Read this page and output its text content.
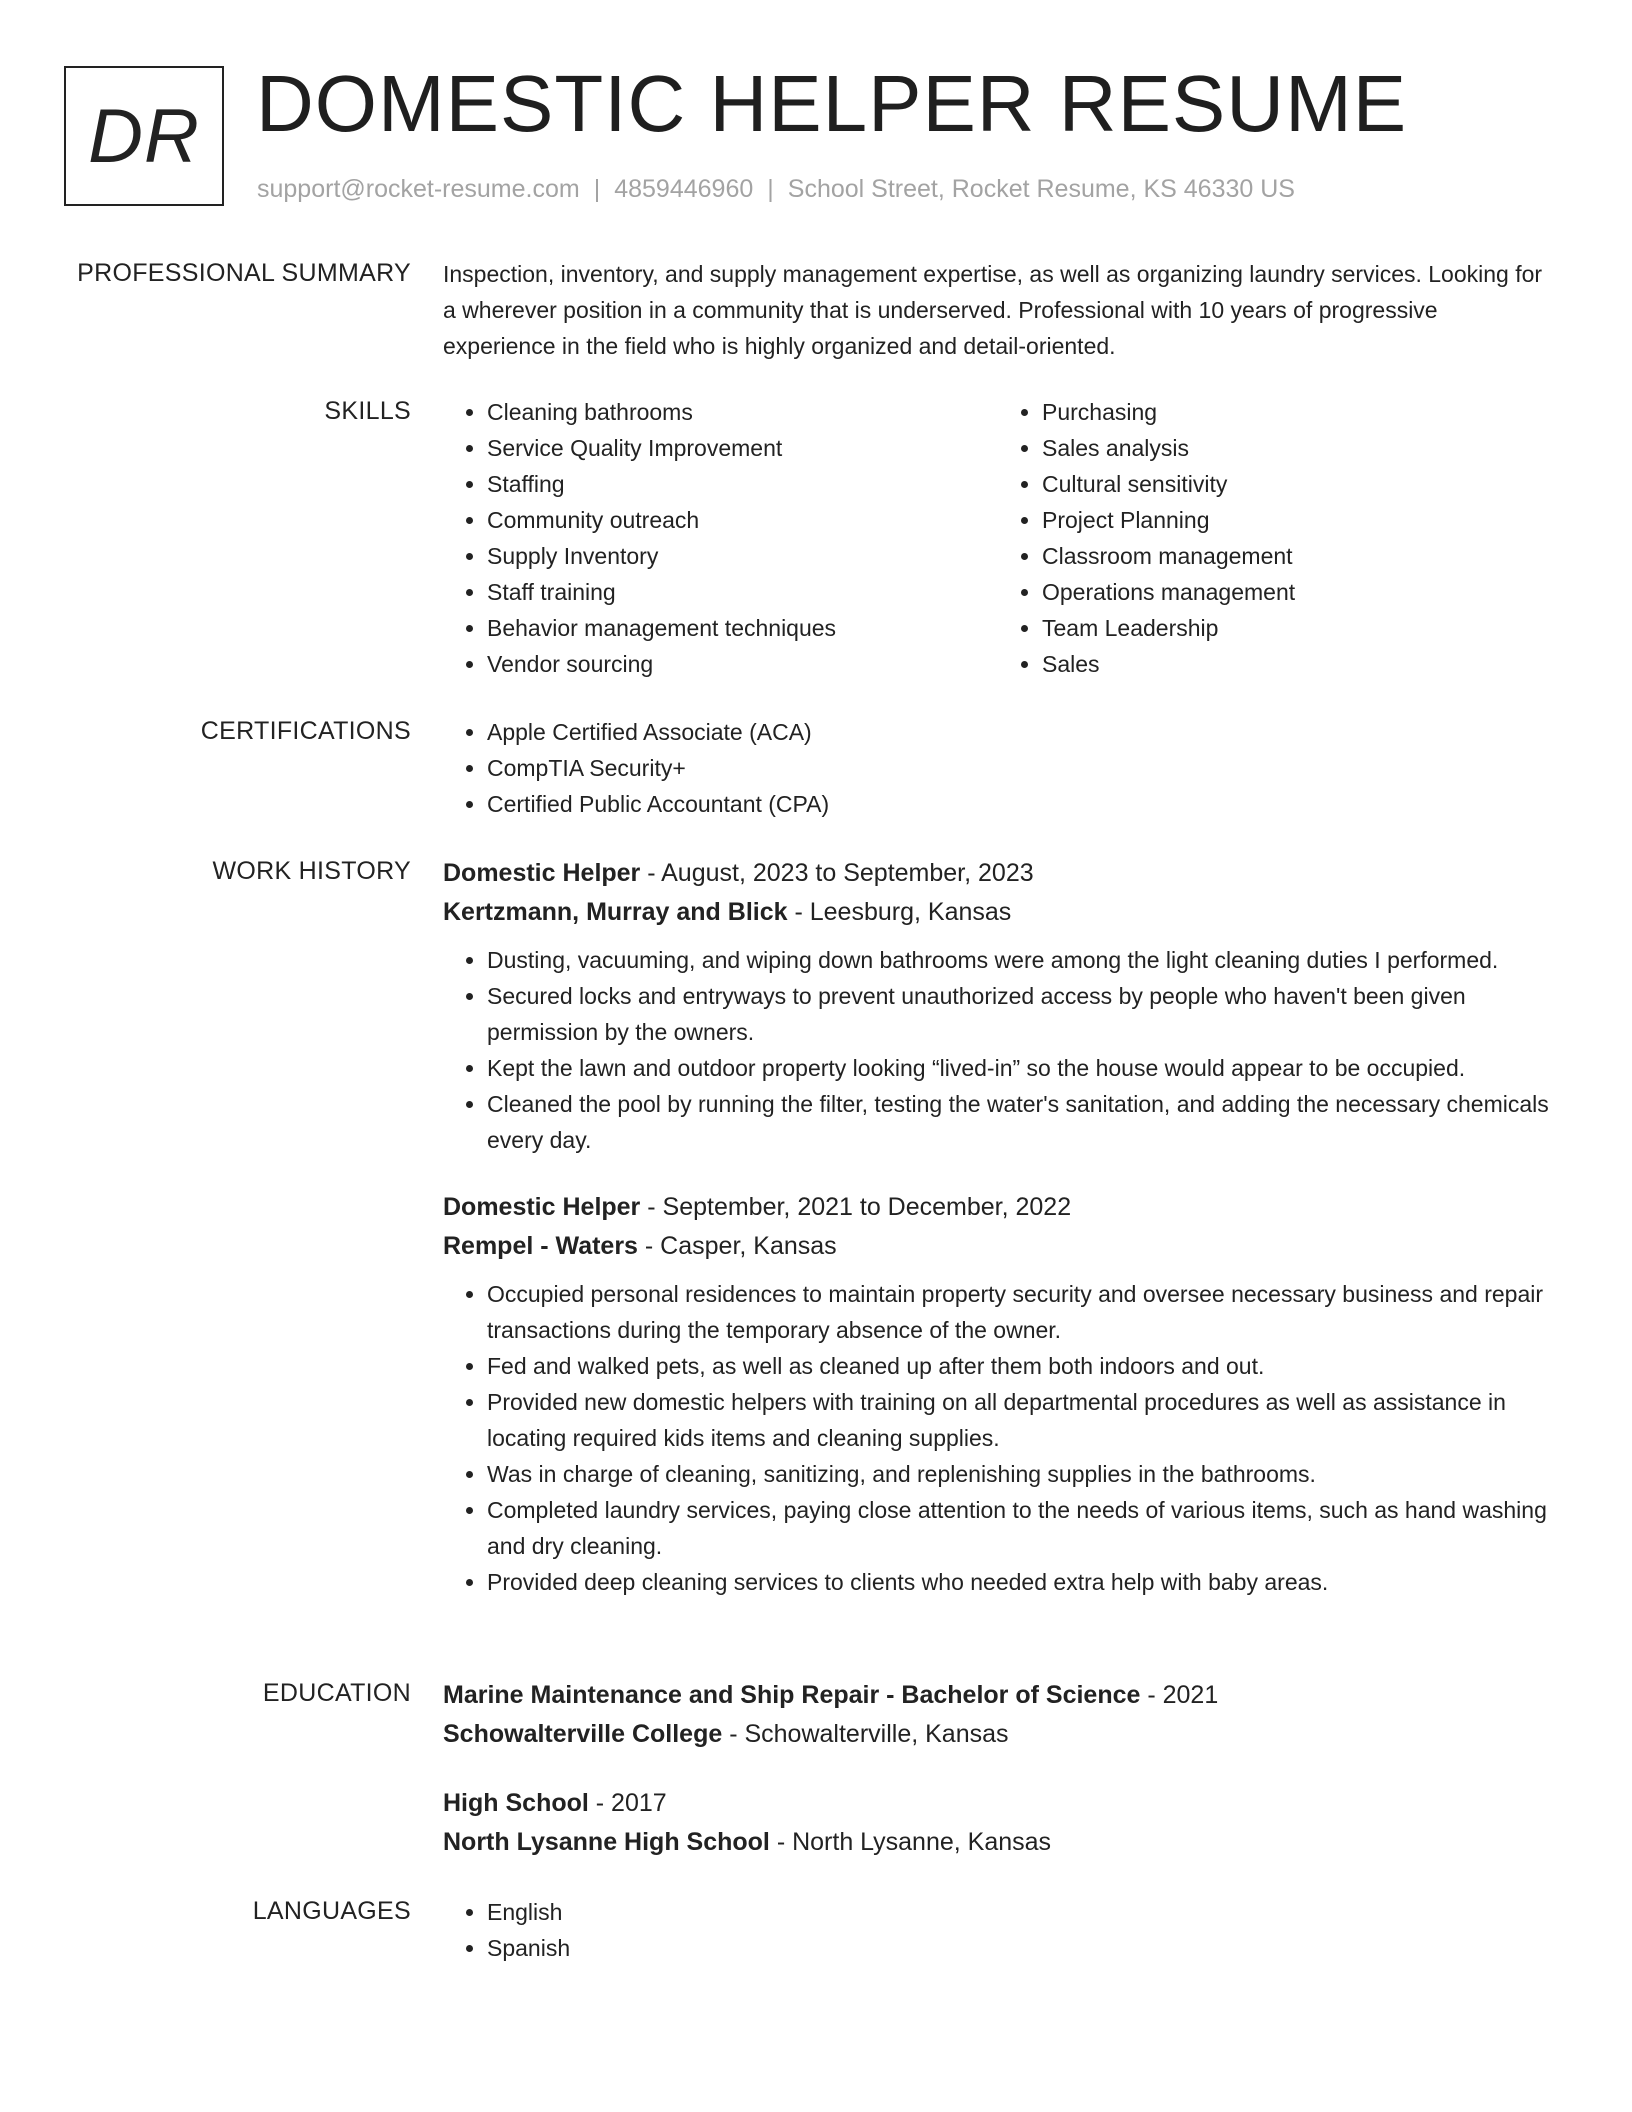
DR DOMESTIC HELPER RESUME
support@rocket-resume.com | 4859446960 | School Street, Rocket Resume, KS 46330 US
PROFESSIONAL SUMMARY Inspection, inventory, and supply management expertise, as well as organizing laundry services. Looking for a wherever position in a community that is underserved. Professional with 10 years of progressive experience in the field who is highly organized and detail-oriented.

SKILLS	• Cleaning bathrooms
• Service Quality Improvement
• Staffing
• Community outreach
• Supply Inventory
• Staff training
• Behavior management techniques
• Vendor sourcing
• Purchasing
• Sales analysis
• Cultural sensitivity
• Project Planning
• Classroom management
• Operations management
• Team Leadership
• Sales
CERTIFICATIONS	• Apple Certified Associate (ACA)
• CompTIA Security+
• Certified Public Accountant (CPA)
WORK HISTORY Domestic Helper - August, 2023 to September, 2023
Kertzmann, Murray and Blick - Leesburg, Kansas
• Dusting, vacuuming, and wiping down bathrooms were among the light cleaning duties I performed.
• Secured locks and entryways to prevent unauthorized access by people who haven't been given permission by the owners.
• Kept the lawn and outdoor property looking “lived-in” so the house would appear to be occupied.
• Cleaned the pool by running the filter, testing the water's sanitation, and adding the necessary chemicals every day.
Domestic Helper - September, 2021 to December, 2022
Rempel - Waters - Casper, Kansas
• Occupied personal residences to maintain property security and oversee necessary business and repair transactions during the temporary absence of the owner.
• Fed and walked pets, as well as cleaned up after them both indoors and out.
• Provided new domestic helpers with training on all departmental procedures as well as assistance in locating required kids items and cleaning supplies.
• Was in charge of cleaning, sanitizing, and replenishing supplies in the bathrooms.
• Completed laundry services, paying close attention to the needs of various items, such as hand washing and dry cleaning.
• Provided deep cleaning services to clients who needed extra help with baby areas.
EDUCATION Marine Maintenance and Ship Repair - Bachelor of Science - 2021
Schowalterville College - Schowalterville, Kansas
High School - 2017
North Lysanne High School - North Lysanne, Kansas
LANGUAGES	• English
• Spanish
